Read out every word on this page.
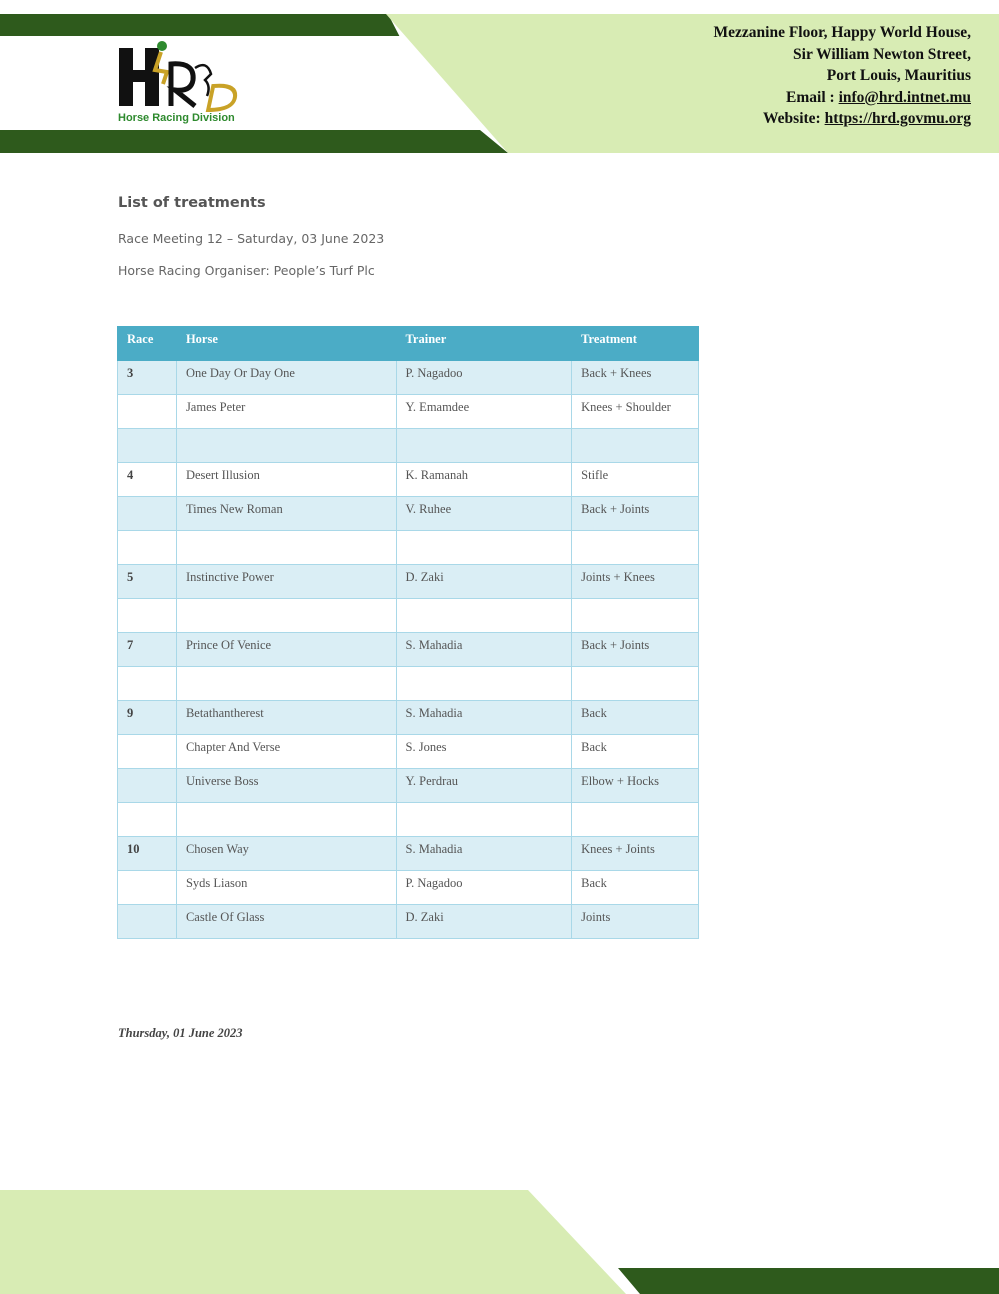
Horse Racing Division
Mezzanine Floor, Happy World House,
Sir William Newton Street,
Port Louis, Mauritius
Email : info@hrd.intnet.mu
Website: https://hrd.govmu.org
List of treatments
Race Meeting 12 – Saturday, 03 June 2023
Horse Racing Organiser: People’s Turf Plc
Race	Horse	Trainer	Treatment
3	One Day Or Day One	P. Nagadoo	Back + Knees
	James Peter	Y. Emamdee	Knees + Shoulder

4	Desert Illusion	K. Ramanah	Stifle
	Times New Roman	V. Ruhee	Back + Joints

5	Instinctive Power	D. Zaki	Joints + Knees

7	Prince Of Venice	S. Mahadia	Back + Joints

9	Betathantherest	S. Mahadia	Back
	Chapter And Verse	S. Jones	Back
	Universe Boss	Y. Perdrau	Elbow + Hocks

10	Chosen Way	S. Mahadia	Knees + Joints
	Syds Liason	P. Nagadoo	Back
	Castle Of Glass	D. Zaki	Joints
Thursday, 01 June 2023
